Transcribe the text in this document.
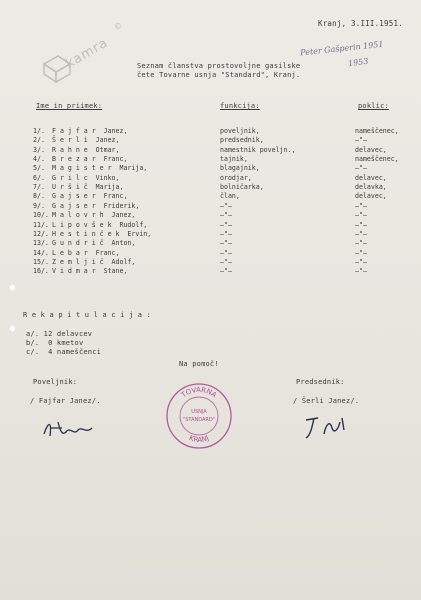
kamra
©	Kranj, 3.III.1951.
Peter Gašperin 1951
1953
Seznam članstva prostovoljne gasilske
čete Tovarne usnja "Standard", Kranj.
Ime in priimek:	funkcija:	poklic:
1/. F a j f a r  Janez,	poveljnik,	nameščenec,
2/. Š e r l i  Janez,	predsednik,	—"—
3/. R a h n e  Otmar,	namestnik poveljn.,	delavec,
4/. B r e z a r  Franc,	tajnik,	nameščenec,
5/. M a g i s t e r  Marija,	blagajnik,	—"—
6/. G r i l c  Vinko,	orodjar,	delavec,
7/. U r š i č  Marija,	bolničarka,	delavka,
8/. G a j s e r  Franc,	član,	delavec,
9/. G a j s e r  Friderik,	—"—	—"—
10/. M a l o v r h  Janez,	—"—	—"—
11/. L i p o v š e k  Rudolf,	—"—	—"—
12/. H e s t i n č e k  Ervin,	—"—	—"—
13/. G u n d r i č  Anton,	—"—	—"—
14/. L e b a r  Franc,	—"—	—"—
15/. Z e m l j i č  Adolf,	—"—	—"—
16/. V i d m a r  Stane,	—"—	—"—
R e k a p i t u l a c i j a :
a/. 12 delavcev
b/.  0 kmetov
c/.  4 nameščenci
Na pomoč!
Poveljnik:
/ Fajfar Janez/.
Predsednik:
/ Šerli Janez/.
TOVARNA
USNJA
"STANDARD"
KRANJ
